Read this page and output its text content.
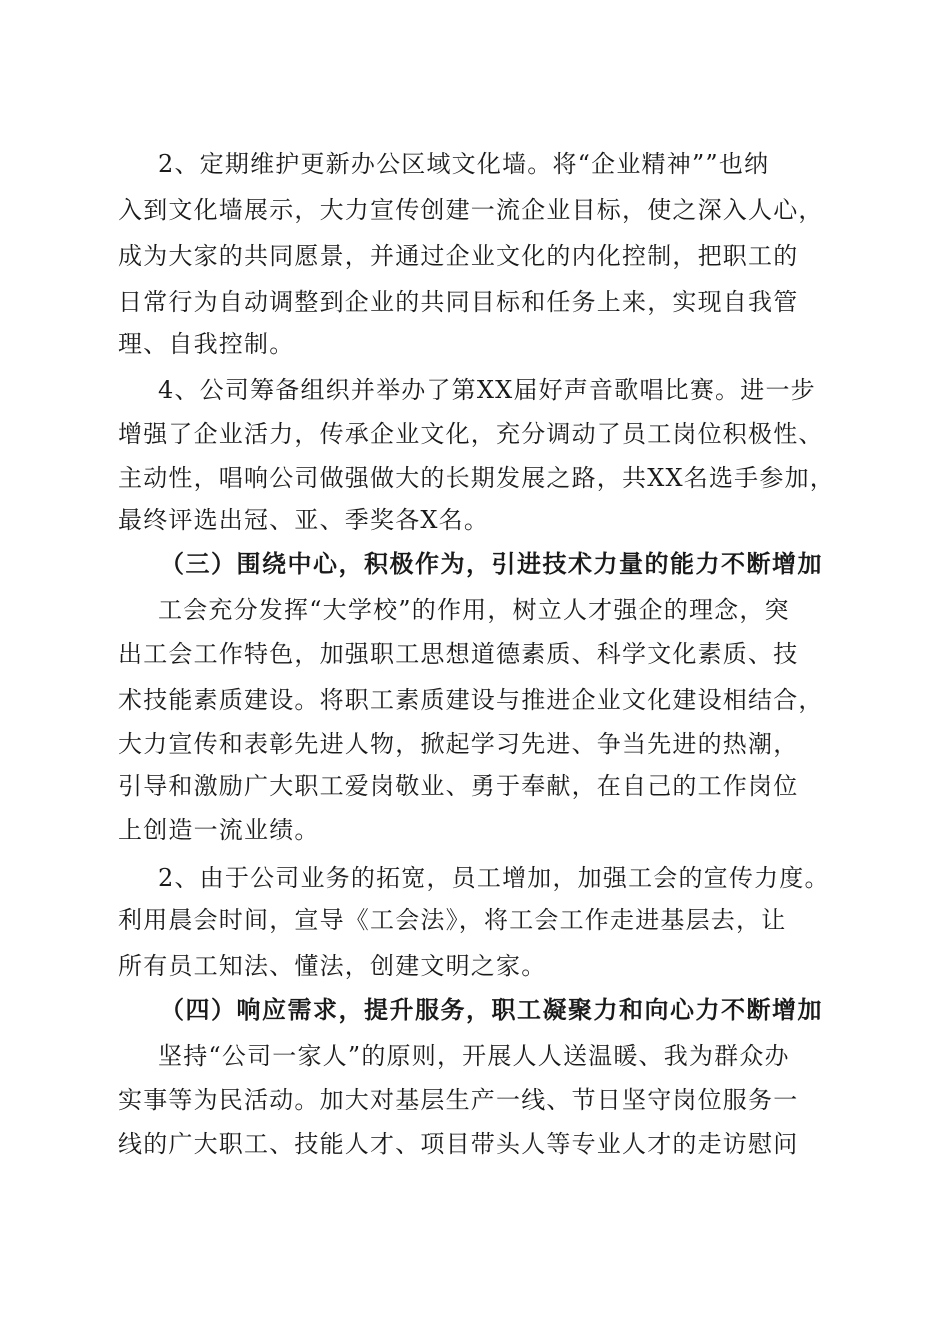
2、定期维护更新办公区域文化墙。将“企业精神””也纳
入到文化墙展示，大力宣传创建一流企业目标，使之深入人心，
成为大家的共同愿景，并通过企业文化的内化控制，把职工的
日常行为自动调整到企业的共同目标和任务上来，实现自我管
理、自我控制。
4、公司筹备组织并举办了第XX届好声音歌唱比赛。进一步
增强了企业活力，传承企业文化，充分调动了员工岗位积极性、
主动性，唱响公司做强做大的长期发展之路，共XX名选手参加，
最终评选出冠、亚、季奖各X名。
（三）围绕中心，积极作为，引进技术力量的能力不断增加
工会充分发挥“大学校”的作用，树立人才强企的理念，突
出工会工作特色，加强职工思想道德素质、科学文化素质、技
术技能素质建设。将职工素质建设与推进企业文化建设相结合，
大力宣传和表彰先进人物，掀起学习先进、争当先进的热潮，
引导和激励广大职工爱岗敬业、勇于奉献，在自己的工作岗位
上创造一流业绩。
2、由于公司业务的拓宽，员工增加，加强工会的宣传力度。
利用晨会时间，宣导《工会法》，将工会工作走进基层去，让
所有员工知法、懂法，创建文明之家。
（四）响应需求，提升服务，职工凝聚力和向心力不断增加
坚持“公司一家人”的原则，开展人人送温暖、我为群众办
实事等为民活动。加大对基层生产一线、节日坚守岗位服务一
线的广大职工、技能人才、项目带头人等专业人才的走访慰问
